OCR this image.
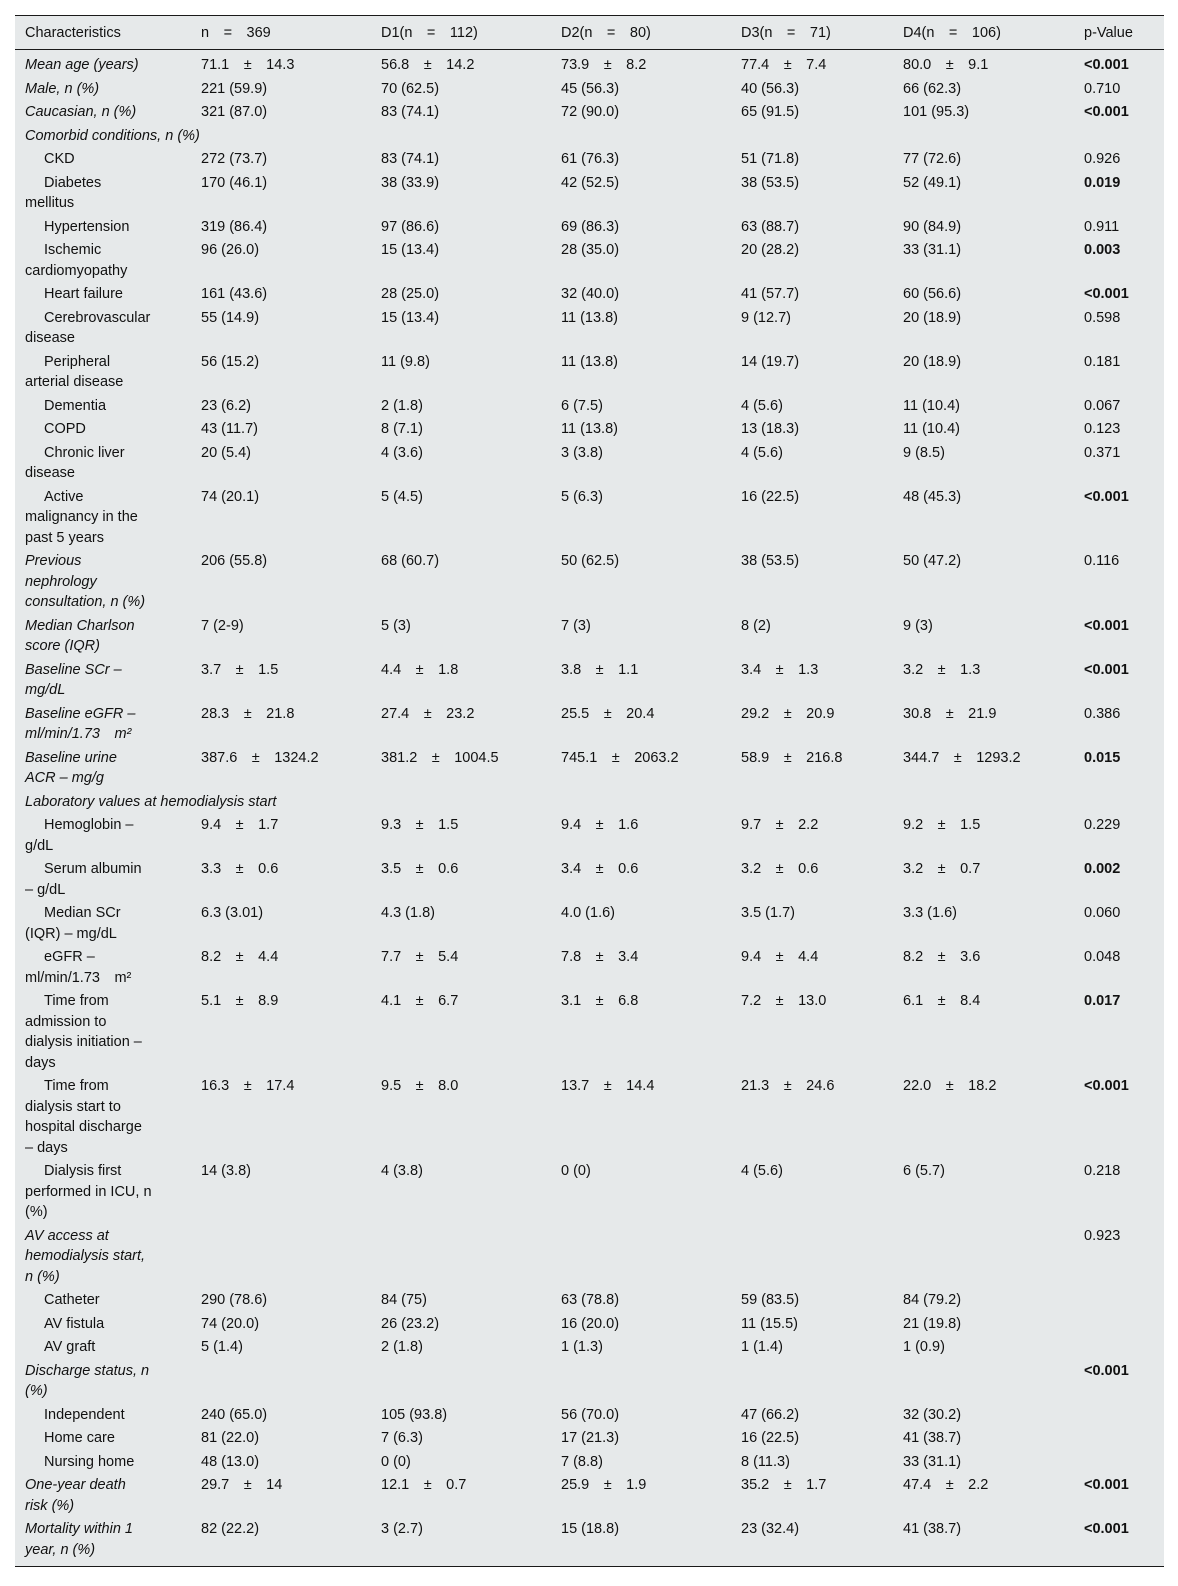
Characteristics	n  =  369	D1(n  =  112)	D2(n  =  80)	D3(n  =  71)	D4(n  =  106)	p-Value
Mean age (years)	71.1  ±  14.3	56.8  ±  14.2	73.9  ±  8.2	77.4  ±  7.4	80.0  ±  9.1	<0.001
Male, n (%)	221 (59.9)	70 (62.5)	45 (56.3)	40 (56.3)	66 (62.3)	0.710
Caucasian, n (%)	321 (87.0)	83 (74.1)	72 (90.0)	65 (91.5)	101 (95.3)	<0.001
Comorbid conditions, n (%)						
CKD	272 (73.7)	83 (74.1)	61 (76.3)	51 (71.8)	77 (72.6)	0.926
Diabetes
mellitus	170 (46.1)	38 (33.9)	42 (52.5)	38 (53.5)	52 (49.1)	0.019
Hypertension	319 (86.4)	97 (86.6)	69 (86.3)	63 (88.7)	90 (84.9)	0.911
Ischemic
cardiomyopathy	96 (26.0)	15 (13.4)	28 (35.0)	20 (28.2)	33 (31.1)	0.003
Heart failure	161 (43.6)	28 (25.0)	32 (40.0)	41 (57.7)	60 (56.6)	<0.001
Cerebrovascular
disease	55 (14.9)	15 (13.4)	11 (13.8)	9 (12.7)	20 (18.9)	0.598
Peripheral
arterial disease	56 (15.2)	11 (9.8)	11 (13.8)	14 (19.7)	20 (18.9)	0.181
Dementia	23 (6.2)	2 (1.8)	6 (7.5)	4 (5.6)	11 (10.4)	0.067
COPD	43 (11.7)	8 (7.1)	11 (13.8)	13 (18.3)	11 (10.4)	0.123
Chronic liver
disease	20 (5.4)	4 (3.6)	3 (3.8)	4 (5.6)	9 (8.5)	0.371
Active
malignancy in the
past 5 years	74 (20.1)	5 (4.5)	5 (6.3)	16 (22.5)	48 (45.3)	<0.001
Previous
nephrology
consultation, n (%)	206 (55.8)	68 (60.7)	50 (62.5)	38 (53.5)	50 (47.2)	0.116
Median Charlson
score (IQR)	7 (2-9)	5 (3)	7 (3)	8 (2)	9 (3)	<0.001
Baseline SCr –
mg/dL	3.7  ±  1.5	4.4  ±  1.8	3.8  ±  1.1	3.4  ±  1.3	3.2  ±  1.3	<0.001
Baseline eGFR –
ml/min/1.73  m²	28.3  ±  21.8	27.4  ±  23.2	25.5  ±  20.4	29.2  ±  20.9	30.8  ±  21.9	0.386
Baseline urine
ACR – mg/g	387.6  ±  1324.2	381.2  ±  1004.5	745.1  ±  2063.2	58.9  ±  216.8	344.7  ±  1293.2	0.015
Laboratory values at hemodialysis start						
Hemoglobin –
g/dL	9.4  ±  1.7	9.3  ±  1.5	9.4  ±  1.6	9.7  ±  2.2	9.2  ±  1.5	0.229
Serum albumin
– g/dL	3.3  ±  0.6	3.5  ±  0.6	3.4  ±  0.6	3.2  ±  0.6	3.2  ±  0.7	0.002
Median SCr
(IQR) – mg/dL	6.3 (3.01)	4.3 (1.8)	4.0 (1.6)	3.5 (1.7)	3.3 (1.6)	0.060
eGFR –
ml/min/1.73  m²	8.2  ±  4.4	7.7  ±  5.4	7.8  ±  3.4	9.4  ±  4.4	8.2  ±  3.6	0.048
Time from
admission to
dialysis initiation –
days	5.1  ±  8.9	4.1  ±  6.7	3.1  ±  6.8	7.2  ±  13.0	6.1  ±  8.4	0.017
Time from
dialysis start to
hospital discharge
– days	16.3  ±  17.4	9.5  ±  8.0	13.7  ±  14.4	21.3  ±  24.6	22.0  ±  18.2	<0.001
Dialysis first
performed in ICU, n
(%)	14 (3.8)	4 (3.8)	0 (0)	4 (5.6)	6 (5.7)	0.218
AV access at
hemodialysis start,
n (%)						0.923
Catheter	290 (78.6)	84 (75)	63 (78.8)	59 (83.5)	84 (79.2)	
AV fistula	74 (20.0)	26 (23.2)	16 (20.0)	11 (15.5)	21 (19.8)	
AV graft	5 (1.4)	2 (1.8)	1 (1.3)	1 (1.4)	1 (0.9)	
Discharge status, n
(%)						<0.001
Independent	240 (65.0)	105 (93.8)	56 (70.0)	47 (66.2)	32 (30.2)	
Home care	81 (22.0)	7 (6.3)	17 (21.3)	16 (22.5)	41 (38.7)	
Nursing home	48 (13.0)	0 (0)	7 (8.8)	8 (11.3)	33 (31.1)	
One-year death
risk (%)	29.7  ±  14	12.1  ±  0.7	25.9  ±  1.9	35.2  ±  1.7	47.4  ±  2.2	<0.001
Mortality within 1
year, n (%)	82 (22.2)	3 (2.7)	15 (18.8)	23 (32.4)	41 (38.7)	<0.001
